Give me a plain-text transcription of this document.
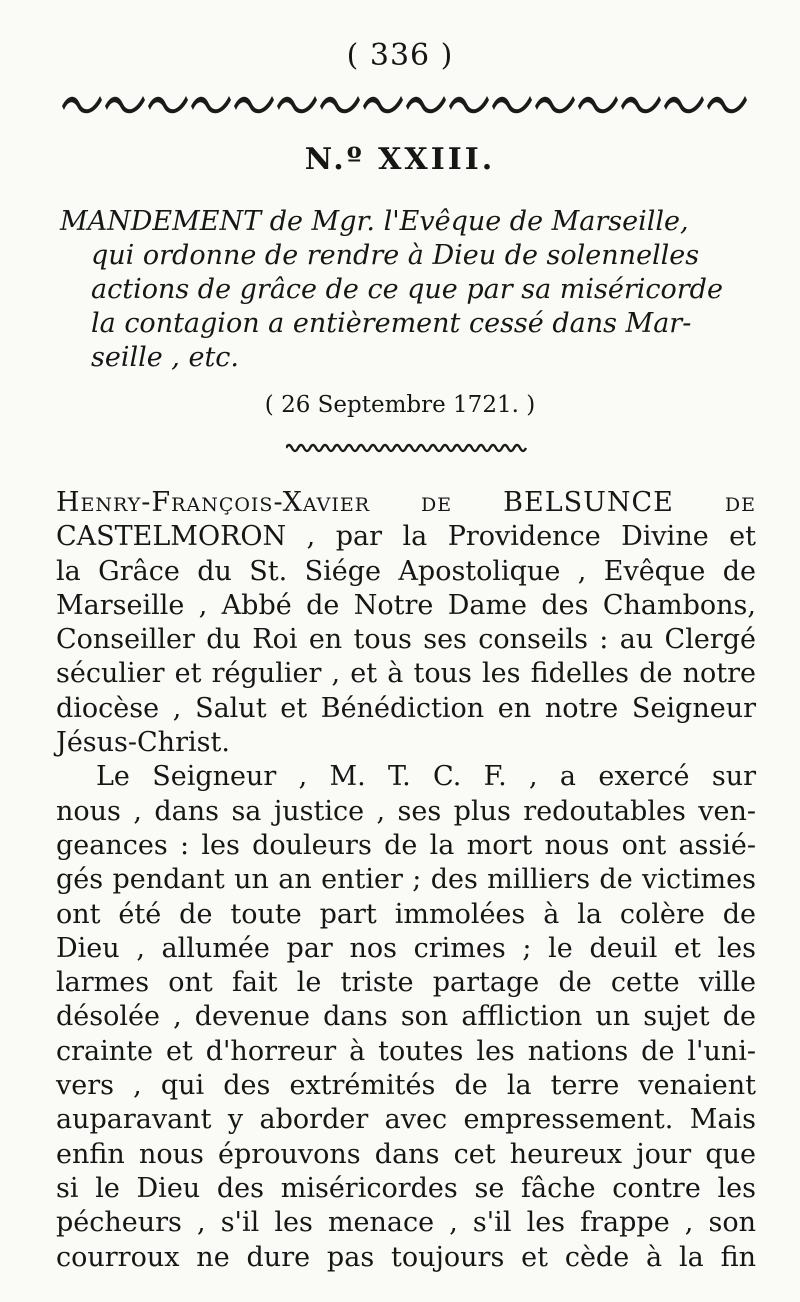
( 336 )
N.º XXIII.
MANDEMENT de Mgr. l'Evêque de Marseille,
qui ordonne de rendre à Dieu de solennelles
actions de grâce de ce que par sa miséricorde
la contagion a entièrement cessé dans Mar-
seille , etc.
( 26 Septembre 1721. )
Henry-François-Xavier de BELSUNCE de
CASTELMORON , par la Providence Divine et
la Grâce du St. Siége Apostolique , Evêque de
Marseille , Abbé de Notre Dame des Chambons,
Conseiller du Roi en tous ses conseils : au Clergé
séculier et régulier , et à tous les fidelles de notre
diocèse , Salut et Bénédiction en notre Seigneur
Jésus-Christ.
Le Seigneur , M. T. C. F. , a exercé sur
nous , dans sa justice , ses plus redoutables ven-
geances : les douleurs de la mort nous ont assié-
gés pendant un an entier ; des milliers de victimes
ont été de toute part immolées à la colère de
Dieu , allumée par nos crimes ; le deuil et les
larmes ont fait le triste partage de cette ville
désolée , devenue dans son affliction un sujet de
crainte et d'horreur à toutes les nations de l'uni-
vers , qui des extrémités de la terre venaient
auparavant y aborder avec empressement. Mais
enfin nous éprouvons dans cet heureux jour que
si le Dieu des miséricordes se fâche contre les
pécheurs , s'il les menace , s'il les frappe , son
courroux ne dure pas toujours et cède à la fin
